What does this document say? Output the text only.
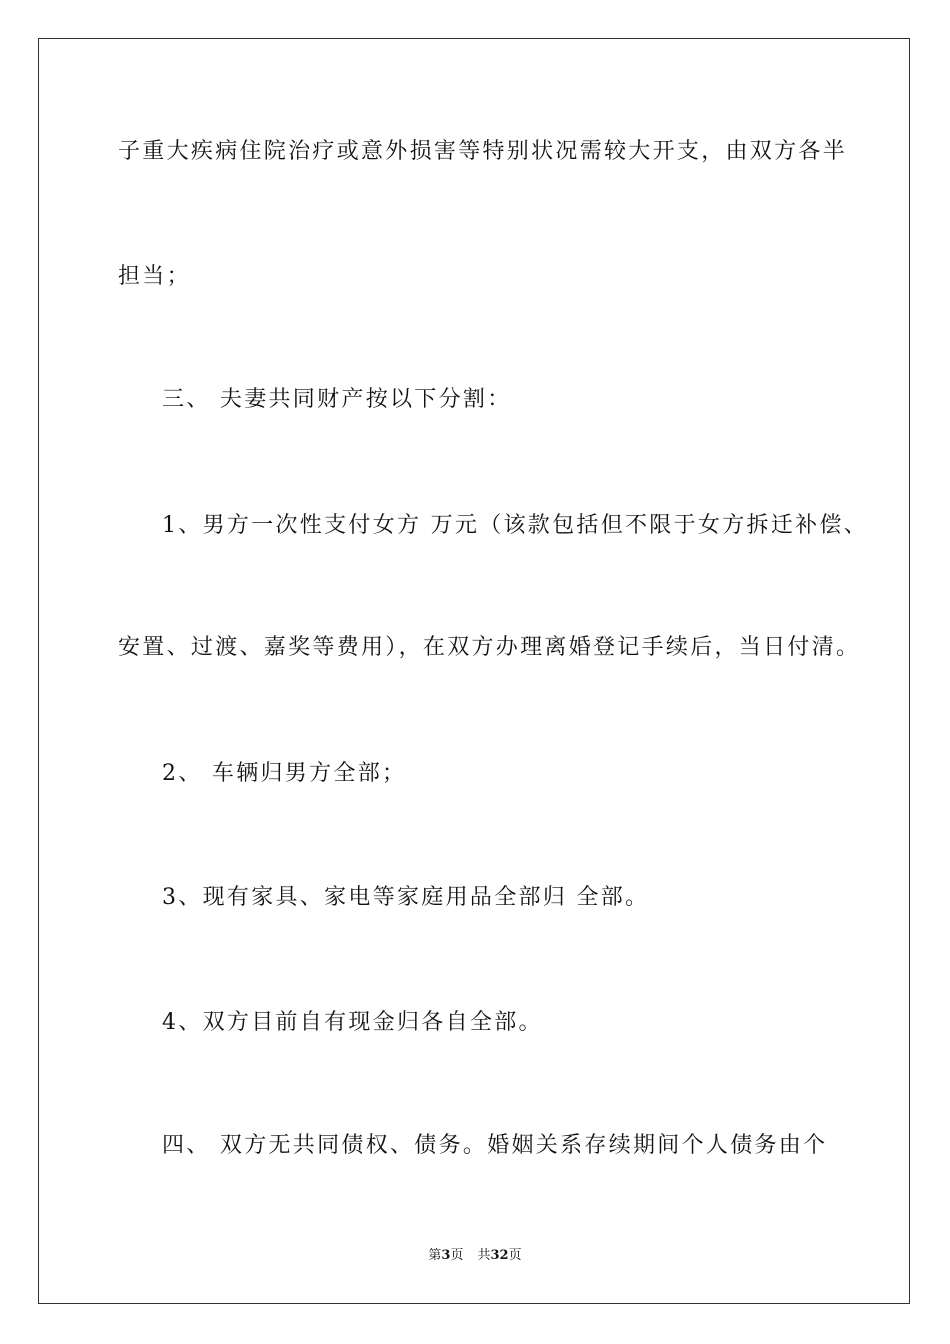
子重大疾病住院治疗或意外损害等特别状况需较大开支，由双方各半
担当；
三、 夫妻共同财产按以下分割：
1、男方一次性支付女方 万元（该款包括但不限于女方拆迁补偿、
安置、过渡、嘉奖等费用），在双方办理离婚登记手续后，当日付清。
2、 车辆归男方全部；
3、现有家具、家电等家庭用品全部归 全部。
4、双方目前自有现金归各自全部。
四、 双方无共同债权、债务。婚姻关系存续期间个人债务由个
第3页 共32页
